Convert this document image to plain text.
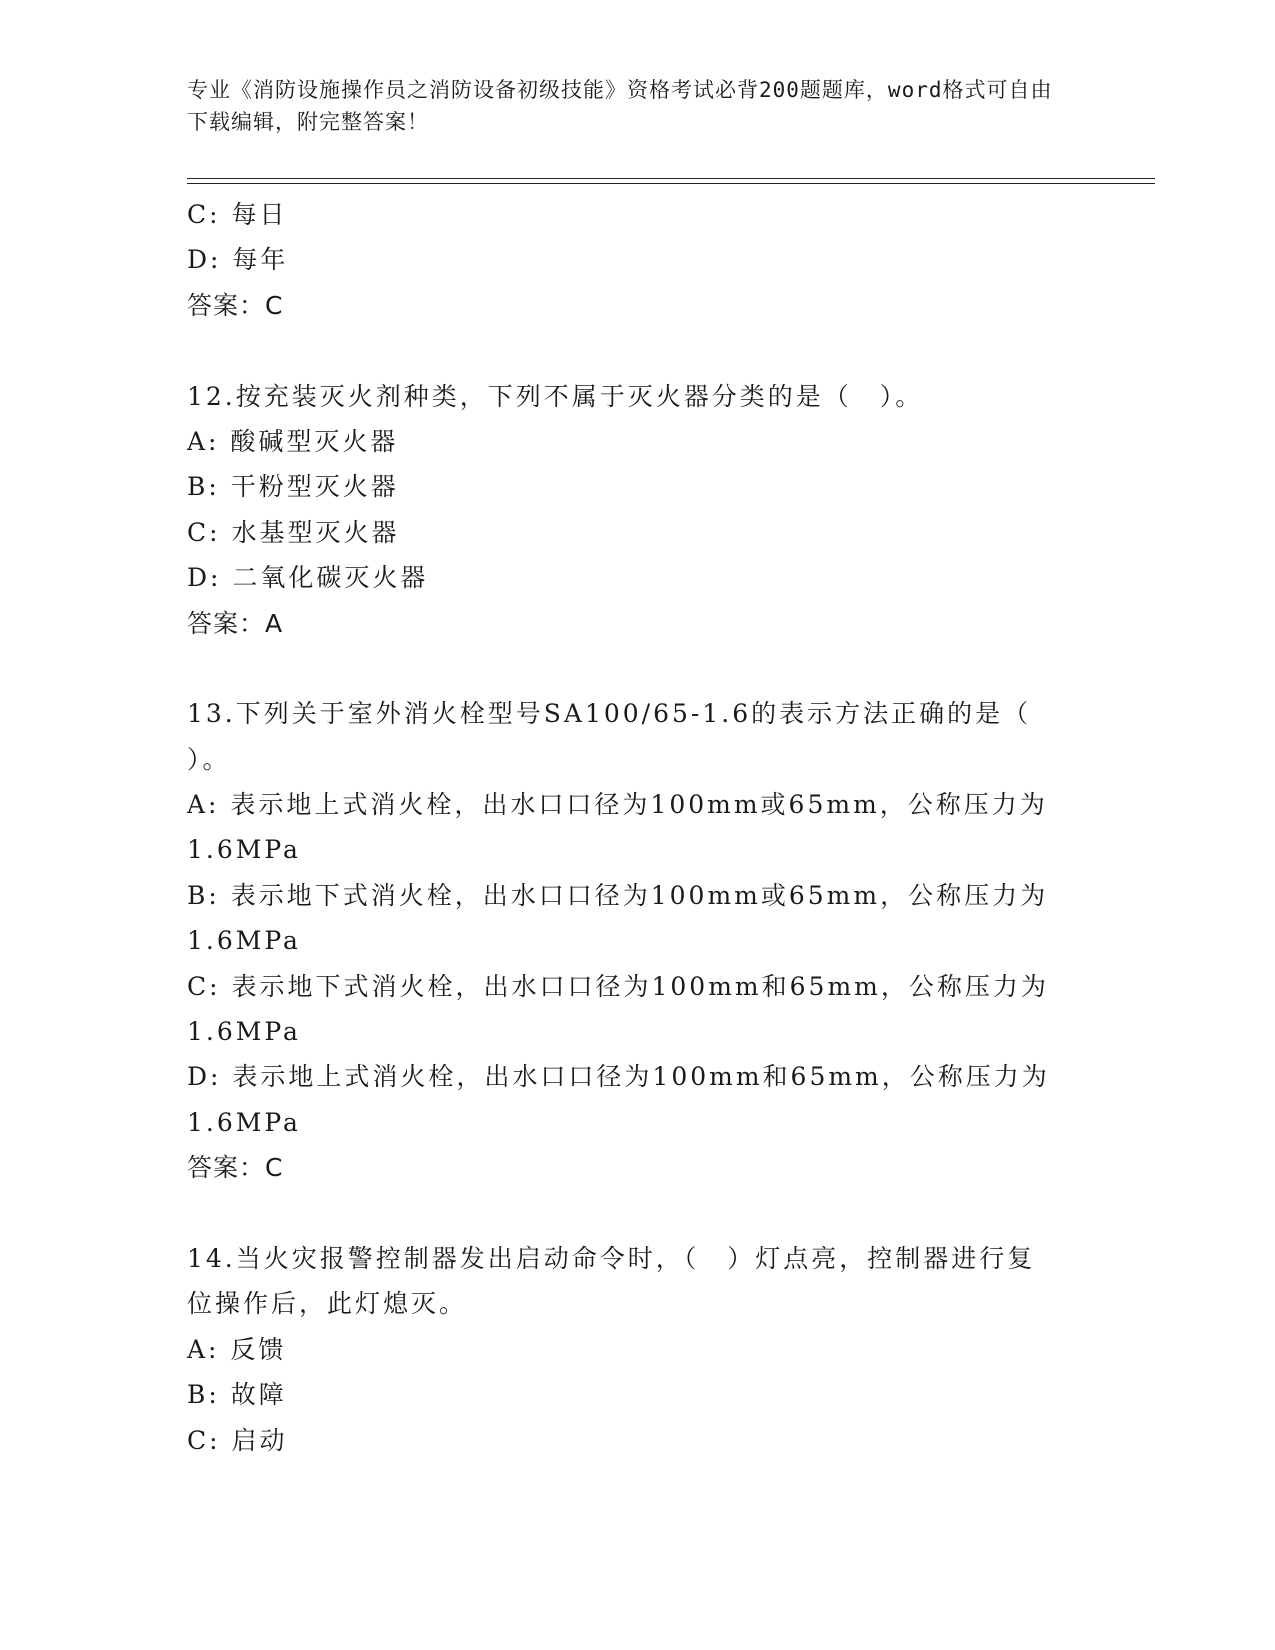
专业《消防设施操作员之消防设备初级技能》资格考试必背200题题库，word格式可自由下载编辑，附完整答案！
C: 每日
D: 每年
答案：C
12.按充装灭火剂种类，下列不属于灭火器分类的是（　）。
A: 酸碱型灭火器
B: 干粉型灭火器
C: 水基型灭火器
D: 二氧化碳灭火器
答案：A
13.下列关于室外消火栓型号SA100/65-1.6的表示方法正确的是（
）。
A: 表示地上式消火栓，出水口口径为100mm或65mm，公称压力为
1.6MPa
B: 表示地下式消火栓，出水口口径为100mm或65mm，公称压力为
1.6MPa
C: 表示地下式消火栓，出水口口径为100mm和65mm，公称压力为
1.6MPa
D: 表示地上式消火栓，出水口口径为100mm和65mm，公称压力为
1.6MPa
答案：C
14.当火灾报警控制器发出启动命令时，（　）灯点亮，控制器进行复
位操作后，此灯熄灭。
A: 反馈
B: 故障
C: 启动
